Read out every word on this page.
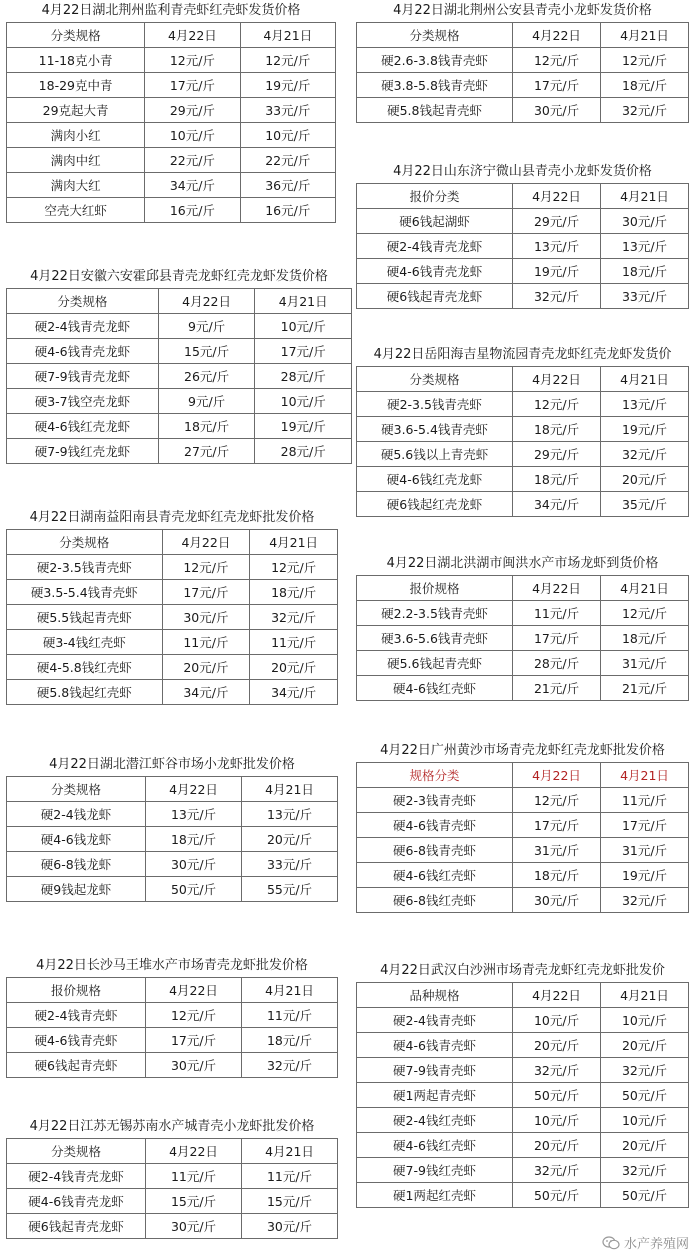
4月22日湖北荆州监利青壳虾红壳虾发货价格
分类规格	4月22日	4月21日
11-18克小青	12元/斤	12元/斤
18-29克中青	17元/斤	19元/斤
29克起大青	29元/斤	33元/斤
满肉小红	10元/斤	10元/斤
满肉中红	22元/斤	22元/斤
满肉大红	34元/斤	36元/斤
空壳大红虾	16元/斤	16元/斤
4月22日安徽六安霍邱县青壳龙虾红壳龙虾发货价格
分类规格	4月22日	4月21日
硬2-4钱青壳龙虾	9元/斤	10元/斤
硬4-6钱青壳龙虾	15元/斤	17元/斤
硬7-9钱青壳龙虾	26元/斤	28元/斤
硬3-7钱空壳龙虾	9元/斤	10元/斤
硬4-6钱红壳龙虾	18元/斤	19元/斤
硬7-9钱红壳龙虾	27元/斤	28元/斤
4月22日湖南益阳南县青壳龙虾红壳龙虾批发价格
分类规格	4月22日	4月21日
硬2-3.5钱青壳虾	12元/斤	12元/斤
硬3.5-5.4钱青壳虾	17元/斤	18元/斤
硬5.5钱起青壳虾	30元/斤	32元/斤
硬3-4钱红壳虾	11元/斤	11元/斤
硬4-5.8钱红壳虾	20元/斤	20元/斤
硬5.8钱起红壳虾	34元/斤	34元/斤
4月22日湖北潜江虾谷市场小龙虾批发价格
分类规格	4月22日	4月21日
硬2-4钱龙虾	13元/斤	13元/斤
硬4-6钱龙虾	18元/斤	20元/斤
硬6-8钱龙虾	30元/斤	33元/斤
硬9钱起龙虾	50元/斤	55元/斤
4月22日长沙马王堆水产市场青壳龙虾批发价格
报价规格	4月22日	4月21日
硬2-4钱青壳虾	12元/斤	11元/斤
硬4-6钱青壳虾	17元/斤	18元/斤
硬6钱起青壳虾	30元/斤	32元/斤
4月22日江苏无锡苏南水产城青壳小龙虾批发价格
分类规格	4月22日	4月21日
硬2-4钱青壳龙虾	11元/斤	11元/斤
硬4-6钱青壳龙虾	15元/斤	15元/斤
硬6钱起青壳龙虾	30元/斤	30元/斤
4月22日湖北荆州公安县青壳小龙虾发货价格
分类规格	4月22日	4月21日
硬2.6-3.8钱青壳虾	12元/斤	12元/斤
硬3.8-5.8钱青壳虾	17元/斤	18元/斤
硬5.8钱起青壳虾	30元/斤	32元/斤
4月22日山东济宁微山县青壳小龙虾发货价格
报价分类	4月22日	4月21日
硬6钱起湖虾	29元/斤	30元/斤
硬2-4钱青壳龙虾	13元/斤	13元/斤
硬4-6钱青壳龙虾	19元/斤	18元/斤
硬6钱起青壳龙虾	32元/斤	33元/斤
4月22日岳阳海吉星物流园青壳龙虾红壳龙虾发货价
分类规格	4月22日	4月21日
硬2-3.5钱青壳虾	12元/斤	13元/斤
硬3.6-5.4钱青壳虾	18元/斤	19元/斤
硬5.6钱以上青壳虾	29元/斤	32元/斤
硬4-6钱红壳龙虾	18元/斤	20元/斤
硬6钱起红壳龙虾	34元/斤	35元/斤
4月22日湖北洪湖市闽洪水产市场龙虾到货价格
报价规格	4月22日	4月21日
硬2.2-3.5钱青壳虾	11元/斤	12元/斤
硬3.6-5.6钱青壳虾	17元/斤	18元/斤
硬5.6钱起青壳虾	28元/斤	31元/斤
硬4-6钱红壳虾	21元/斤	21元/斤
4月22日广州黄沙市场青壳龙虾红壳龙虾批发价格
规格分类	4月22日	4月21日
硬2-3钱青壳虾	12元/斤	11元/斤
硬4-6钱青壳虾	17元/斤	17元/斤
硬6-8钱青壳虾	31元/斤	31元/斤
硬4-6钱红壳虾	18元/斤	19元/斤
硬6-8钱红壳虾	30元/斤	32元/斤
4月22日武汉白沙洲市场青壳龙虾红壳龙虾批发价
品种规格	4月22日	4月21日
硬2-4钱青壳虾	10元/斤	10元/斤
硬4-6钱青壳虾	20元/斤	20元/斤
硬7-9钱青壳虾	32元/斤	32元/斤
硬1两起青壳虾	50元/斤	50元/斤
硬2-4钱红壳虾	10元/斤	10元/斤
硬4-6钱红壳虾	20元/斤	20元/斤
硬7-9钱红壳虾	32元/斤	32元/斤
硬1两起红壳虾	50元/斤	50元/斤
水产养殖网
